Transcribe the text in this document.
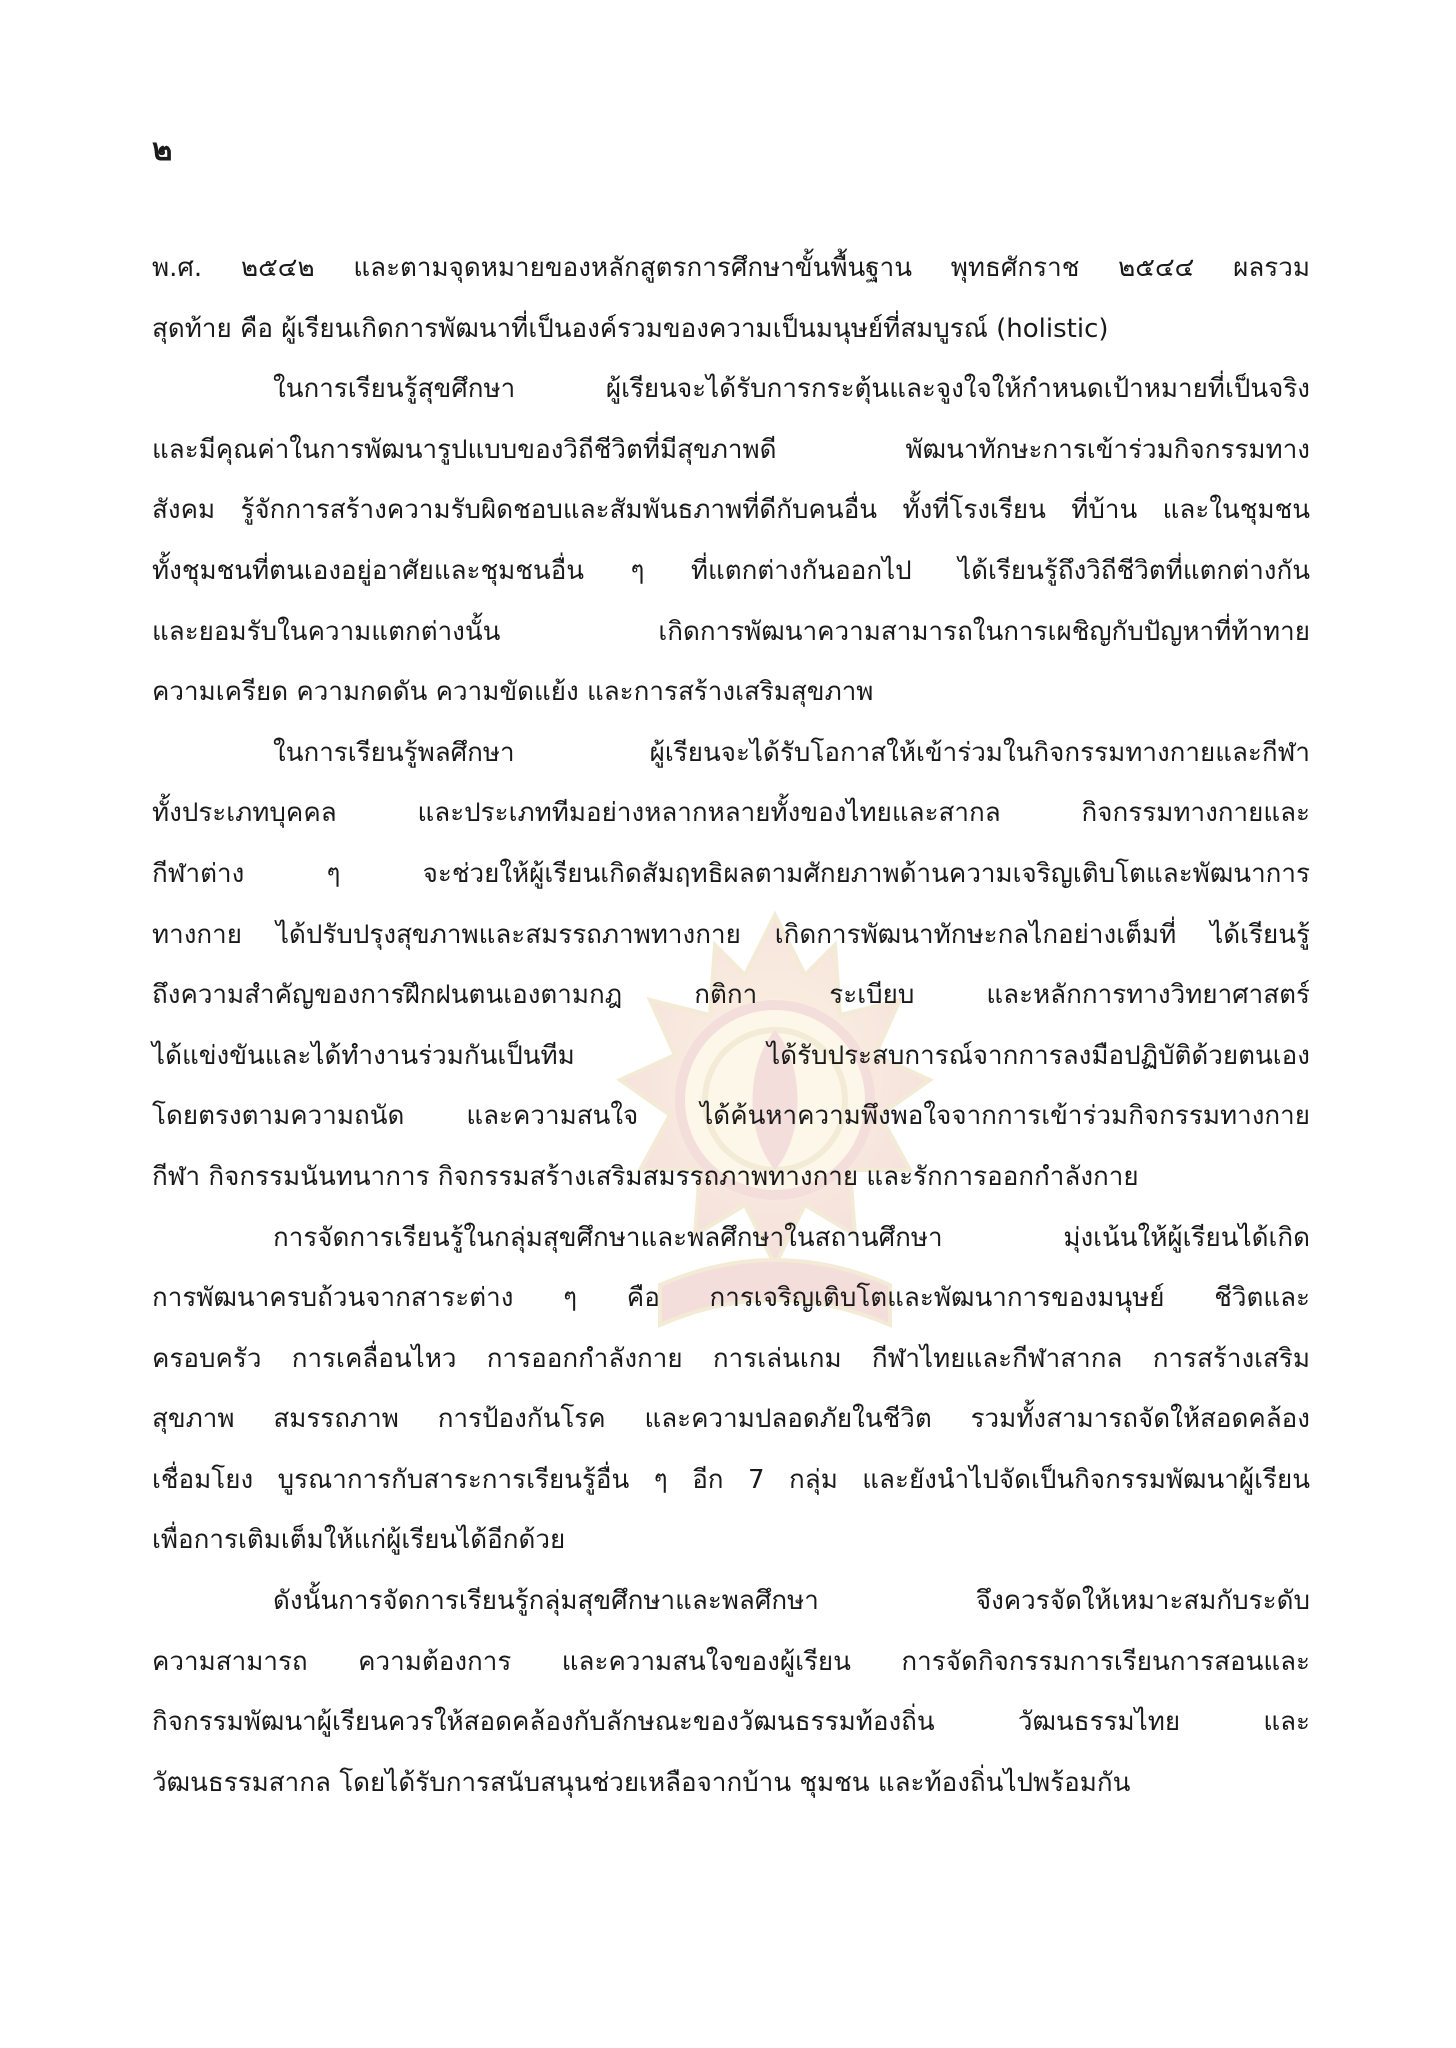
๒
พ.ศ. ๒๕๔๒ และตามจุดหมายของหลักสูตรการศึกษาขั้นพื้นฐาน พุทธศักราช ๒๕๔๔ ผลรวม
สุดท้าย คือ ผู้เรียนเกิดการพัฒนาที่เป็นองค์รวมของความเป็นมนุษย์ที่สมบูรณ์ (holistic)
ในการเรียนรู้สุขศึกษา ผู้เรียนจะได้รับการกระตุ้นและจูงใจให้กำหนดเป้าหมายที่เป็นจริง
และมีคุณค่าในการพัฒนารูปแบบของวิถีชีวิตที่มีสุขภาพดี พัฒนาทักษะการเข้าร่วมกิจกรรมทาง
สังคม รู้จักการสร้างความรับผิดชอบและสัมพันธภาพที่ดีกับคนอื่น ทั้งที่โรงเรียน ที่บ้าน และในชุมชน
ทั้งชุมชนที่ตนเองอยู่อาศัยและชุมชนอื่น ๆ ที่แตกต่างกันออกไป ได้เรียนรู้ถึงวิถีชีวิตที่แตกต่างกัน
และยอมรับในความแตกต่างนั้น เกิดการพัฒนาความสามารถในการเผชิญกับปัญหาที่ท้าทาย
ความเครียด ความกดดัน ความขัดแย้ง และการสร้างเสริมสุขภาพ
ในการเรียนรู้พลศึกษา ผู้เรียนจะได้รับโอกาสให้เข้าร่วมในกิจกรรมทางกายและกีฬา
ทั้งประเภทบุคคล และประเภททีมอย่างหลากหลายทั้งของไทยและสากล กิจกรรมทางกายและ
กีฬาต่าง ๆ จะช่วยให้ผู้เรียนเกิดสัมฤทธิผลตามศักยภาพด้านความเจริญเติบโตและพัฒนาการ
ทางกาย ได้ปรับปรุงสุขภาพและสมรรถภาพทางกาย เกิดการพัฒนาทักษะกลไกอย่างเต็มที่ ได้เรียนรู้
ถึงความสำคัญของการฝึกฝนตนเองตามกฎ กติกา ระเบียบ และหลักการทางวิทยาศาสตร์
ได้แข่งขันและได้ทำงานร่วมกันเป็นทีม ได้รับประสบการณ์จากการลงมือปฏิบัติด้วยตนเอง
โดยตรงตามความถนัด และความสนใจ ได้ค้นหาความพึงพอใจจากการเข้าร่วมกิจกรรมทางกาย
กีฬา กิจกรรมนันทนาการ กิจกรรมสร้างเสริมสมรรถภาพทางกาย และรักการออกกำลังกาย
การจัดการเรียนรู้ในกลุ่มสุขศึกษาและพลศึกษาในสถานศึกษา มุ่งเน้นให้ผู้เรียนได้เกิด
การพัฒนาครบถ้วนจากสาระต่าง ๆ คือ การเจริญเติบโตและพัฒนาการของมนุษย์ ชีวิตและ
ครอบครัว การเคลื่อนไหว การออกกำลังกาย การเล่นเกม กีฬาไทยและกีฬาสากล การสร้างเสริม
สุขภาพ สมรรถภาพ การป้องกันโรค และความปลอดภัยในชีวิต รวมทั้งสามารถจัดให้สอดคล้อง
เชื่อมโยง บูรณาการกับสาระการเรียนรู้อื่น ๆ อีก 7 กลุ่ม และยังนำไปจัดเป็นกิจกรรมพัฒนาผู้เรียน
เพื่อการเติมเต็มให้แก่ผู้เรียนได้อีกด้วย
ดังนั้นการจัดการเรียนรู้กลุ่มสุขศึกษาและพลศึกษา จึงควรจัดให้เหมาะสมกับระดับ
ความสามารถ ความต้องการ และความสนใจของผู้เรียน การจัดกิจกรรมการเรียนการสอนและ
กิจกรรมพัฒนาผู้เรียนควรให้สอดคล้องกับลักษณะของวัฒนธรรมท้องถิ่น วัฒนธรรมไทย และ
วัฒนธรรมสากล โดยได้รับการสนับสนุนช่วยเหลือจากบ้าน ชุมชน และท้องถิ่นไปพร้อมกัน
